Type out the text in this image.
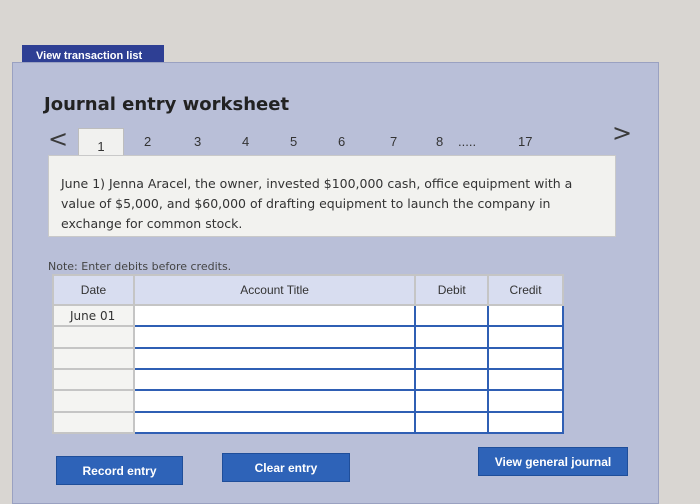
View transaction list
Journal entry worksheet
<	1	2	3	4	5	6	7	8 .....	17	>
June 1) Jenna Aracel, the owner, invested $100,000 cash, office equipment with a value of $5,000, and $60,000 of drafting equipment to launch the company in exchange for common stock.
Note: Enter debits before credits.
Date	Account Title	Debit	Credit
June 01			

Record entry	Clear entry	View general journal
